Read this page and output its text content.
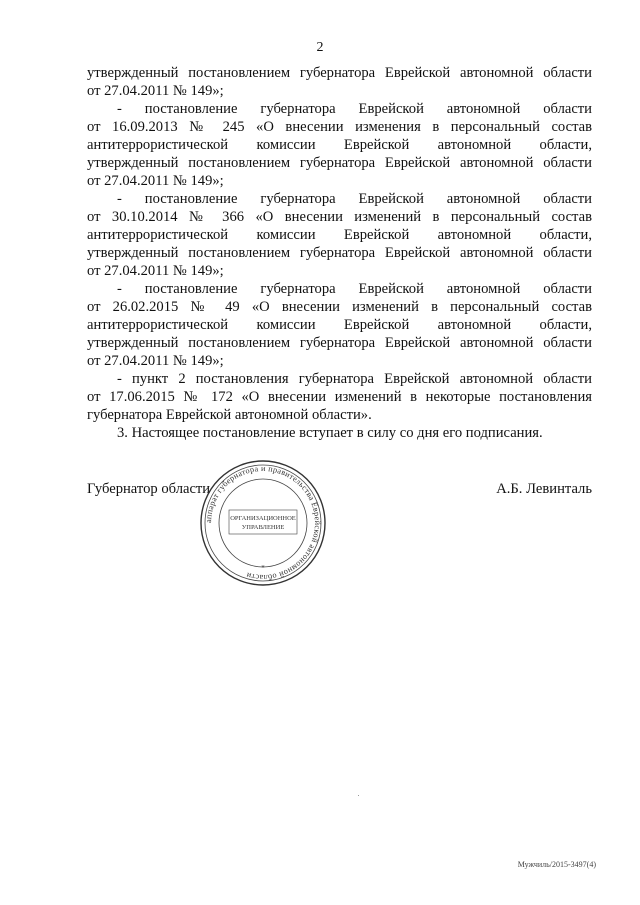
2
утвержденный постановлением губернатора Еврейской автономной области
от 27.04.2011 № 149»;
- постановление губернатора Еврейской автономной области
от 16.09.2013 № 245 «О внесении изменения в персональный состав
антитеррористической комиссии Еврейской автономной области,
утвержденный постановлением губернатора Еврейской автономной области
от 27.04.2011 № 149»;
- постановление губернатора Еврейской автономной области
от 30.10.2014 № 366 «О внесении изменений в персональный состав
антитеррористической комиссии Еврейской автономной области,
утвержденный постановлением губернатора Еврейской автономной области
от 27.04.2011 № 149»;
- постановление губернатора Еврейской автономной области
от 26.02.2015 № 49 «О внесении изменений в персональный состав
антитеррористической комиссии Еврейской автономной области,
утвержденный постановлением губернатора Еврейской автономной области
от 27.04.2011 № 149»;
- пункт 2 постановления губернатора Еврейской автономной области
от 17.06.2015 № 172 «О внесении изменений в некоторые постановления
губернатора Еврейской автономной области».
3. Настоящее постановление вступает в силу со дня его подписания.
Губернатор области	А.Б. Левинталь
аппарат губернатора и правительства Еврейской автономной области
ОРГАНИЗАЦИОННОЕ
УПРАВЛЕНИЕ
*
Мужчиль/2015-3497(4)
